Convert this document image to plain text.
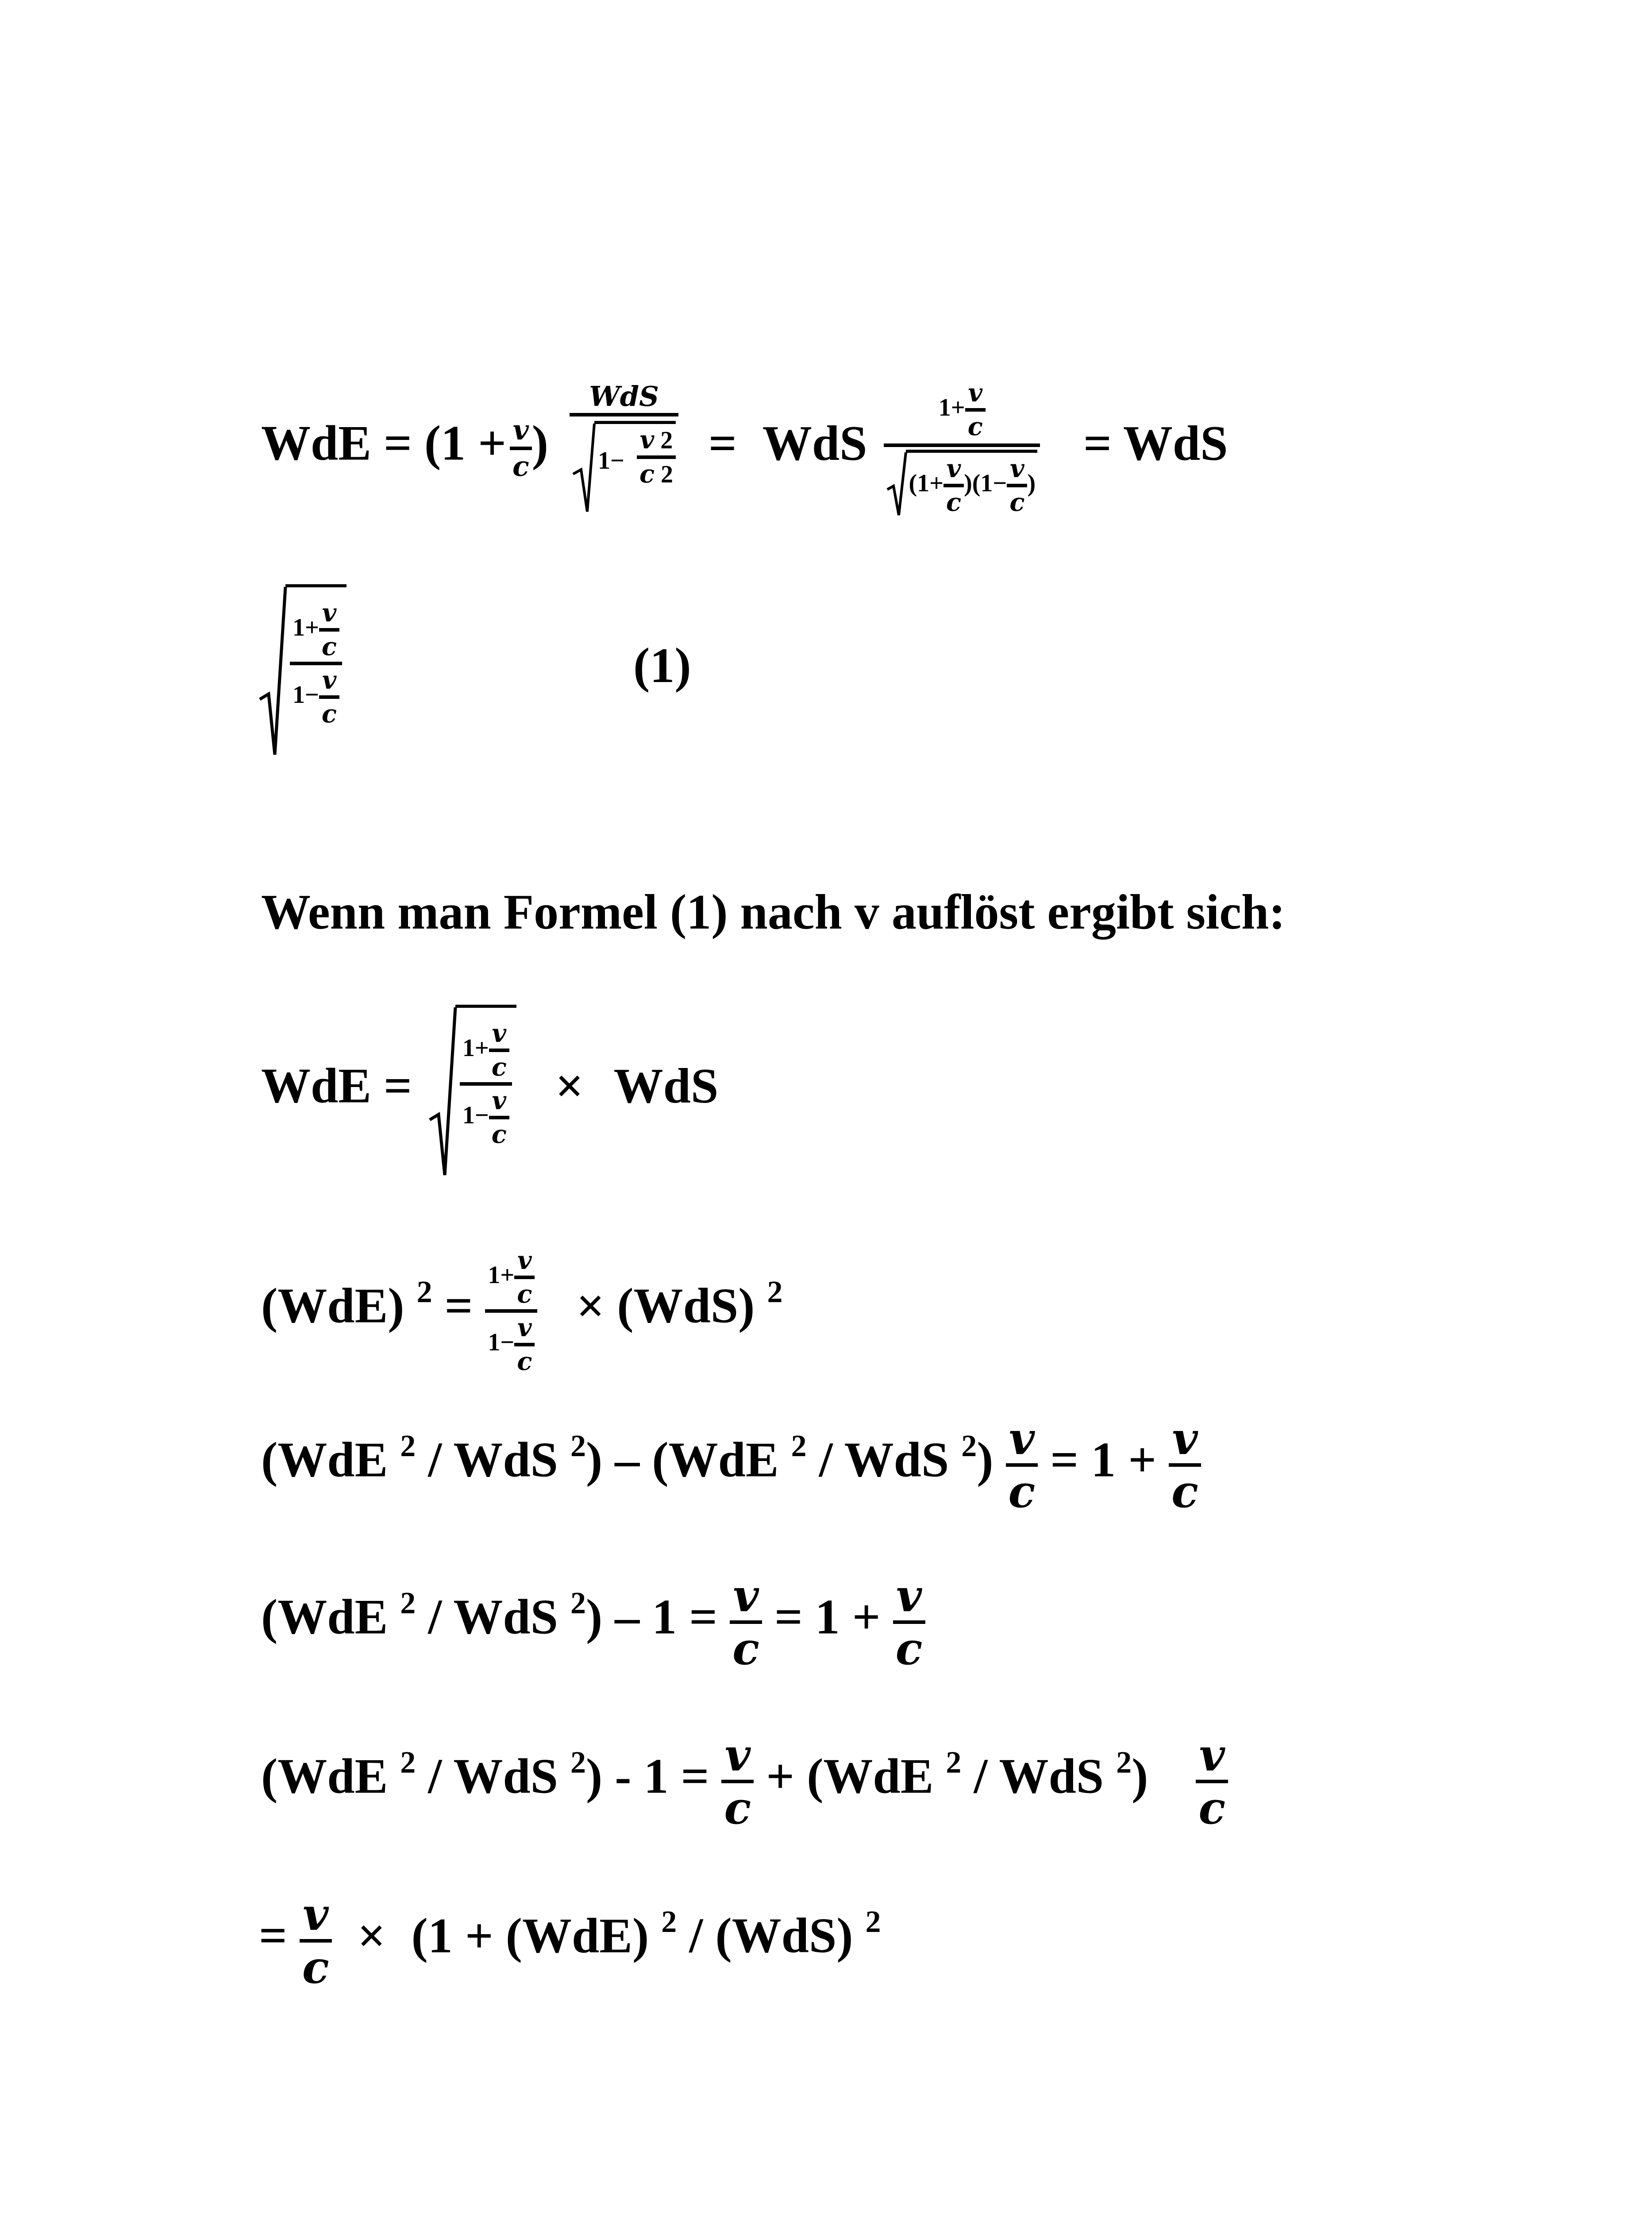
WdE = ($1 + \frac{v}{c}$ ) $\frac{\text{WdS}}{1- \frac{v 2}{c 2}}$ = WdS $\frac{1+ \frac{v}{c}}{(1+ \frac{v}{c} )(1- \frac{v}{c} )}$ = WdS
$\frac{1+ \frac{v}{c}}{1- \frac{v}{c}}$	(1)
Wenn man Formel (1) nach v auflöst ergibt sich:
WdE = $\frac{1+ \frac{v}{c}}{1- \frac{v}{c}}$ × WdS
(WdE) $^2 = \frac{1+ \frac{v}{c}}{1- \frac{v}{c}} \times (WdS)$ $^2$
(WdE $^2$ / WdS $^2$) – (WdE $^2$ / WdS $^2) \frac{v}{c} = 1 + \frac{v}{c}$
(WdE $^2$ / WdS $^2) - 1 = \frac{v}{c} = 1 + \frac{v}{c}$
(WdE $^2$ / WdS $^2) - 1 = \frac{v}{c} + (WdE$ $^2$ / WdS $^2) \frac{v}{c}$
= $\frac{v}{c} \times (1 + (WdE)$ $^2$ / (WdS) $^2$
